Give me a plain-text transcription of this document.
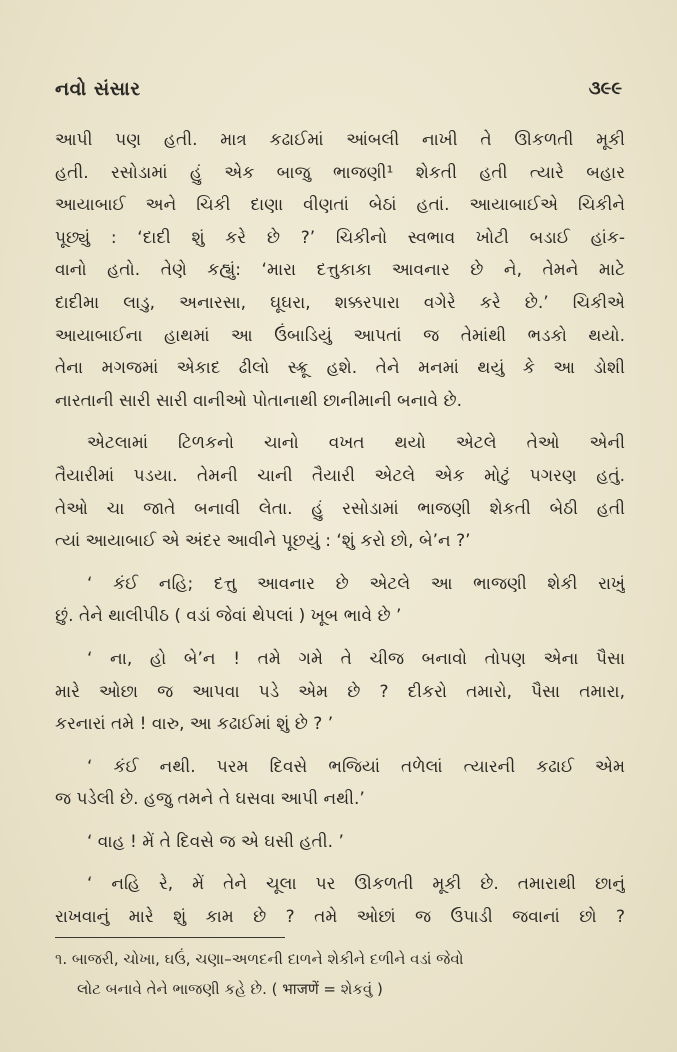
નવો સંસાર	૩૯૯
આપી પણ હતી. માત્ર કઢાઈમાં આંબલી નાખી તે ઊકળતી મૂકી
હતી. રસોડામાં હું એક બાજુ ભાજણી¹ શેકતી હતી ત્યારે બહાર
આયાબાઈ અને ચિકી દાણા વીણતાં બેઠાં હતાં. આયાબાઈએ ચિકીને
પૂછ્યું : ‘દાદી શું કરે છે ?’ ચિકીનો સ્વભાવ ખોટી બડાઈ હાંક-
વાનો હતો. તેણે કહ્યું: ‘મારા દત્તુકાકા આવનાર છે ને, તેમને માટે
દાદીમા લાડુ, અનારસા, ઘૂઘરા, શક્કરપારા વગેરે કરે છે.’ ચિકીએ
આયાબાઈના હાથમાં આ ઉંબાડિયું આપતાં જ તેમાંથી ભડકો થયો.
તેના મગજમાં એકાદ ઢીલો સ્ક્રૂ હશે. તેને મનમાં થયું કે આ ડોશી
નારતાની સારી સારી વાનીઓ પોતાનાથી છાનીમાની બનાવે છે.
એટલામાં ટિળકનો ચાનો વખત થયો એટલે તેઓ એની
તૈયારીમાં પડયા. તેમની ચાની તૈયારી એટલે એક મોટું પગરણ હતું.
તેઓ ચા જાતે બનાવી લેતા. હું રસોડામાં ભાજણી શેકતી બેઠી હતી
ત્યાં આયાબાઈ એ અંદર આવીને પૂછયું : ‘શું કરો છો, બે’ન ?’
‘ કંઈ નહિ; દત્તુ આવનાર છે એટલે આ ભાજણી શેકી રાખું
છું. તેને થાલીપીઠ ( વડાં જેવાં થેપલાં ) ખૂબ ભાવે છે ’
‘ ના, હો બે’ન ! તમે ગમે તે ચીજ બનાવો તોપણ એના પૈસા
મારે ઓછા જ આપવા પડે એમ છે ? દીકરો તમારો, પૈસા તમારા,
કરનારાં તમે ! વારુ, આ કઢાઈમાં શું છે ? ’
‘ કંઈ નથી. પરમ દિવસે ભજિયાં તળેલાં ત્યારની કઢાઈ એમ
જ પડેલી છે. હજુ તમને તે ઘસવા આપી નથી.’
‘ વાહ ! મેં તે દિવસે જ એ ઘસી હતી. ’
‘ નહિ રે, મેં તેને ચૂલા પર ઊકળતી મૂકી છે. તમારાથી છાનું
રાખવાનું મારે શું કામ છે ? તમે ઓછાં જ ઉપાડી જવાનાં છો ?
૧. બાજરી, ચોખા, ઘઉં, ચણા–અળદની દાળને શેકીને દળીને વડાં જેવો
લોટ બનાવે તેને ભાજણી કહે છે. ( भाजणें = શેકવું )
